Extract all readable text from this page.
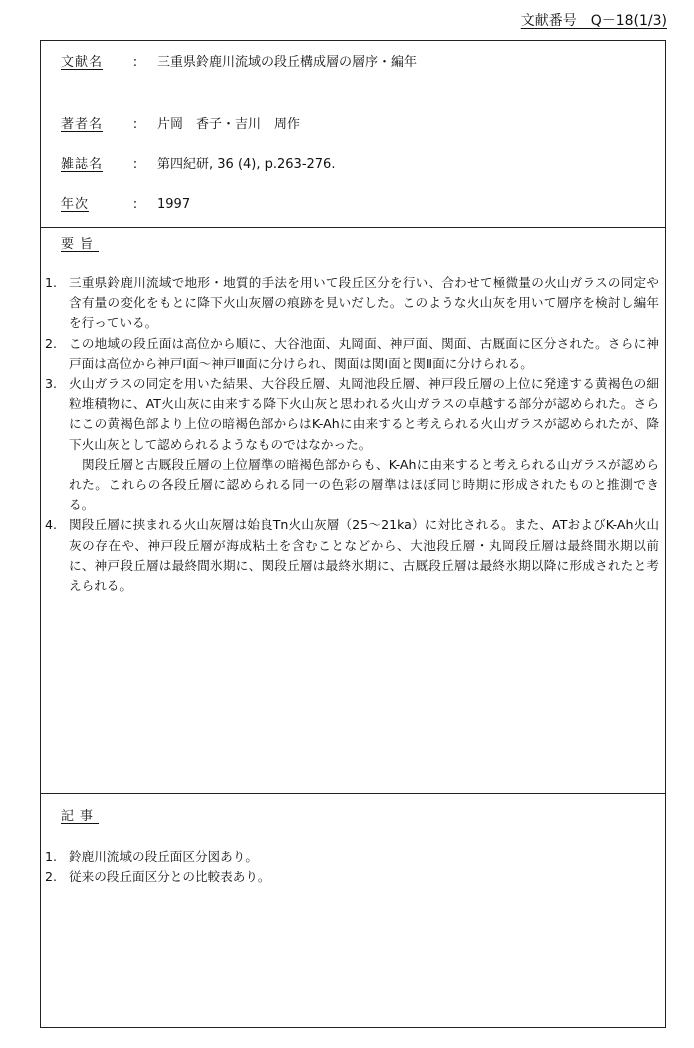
文献番号　Q－18(1/3)
文献名	:	三重県鈴鹿川流域の段丘構成層の層序・編年
著者名	:	片岡　香子・吉川　周作
雑誌名	:	第四紀研, 36 (4), p.263-276.
年次	:	1997
要旨
1. 三重県鈴鹿川流域で地形・地質的手法を用いて段丘区分を行い、合わせて極微量の火山ガラスの同定や含有量の変化をもとに降下火山灰層の痕跡を見いだした。このような火山灰を用いて層序を検討し編年を行っている。
2. この地域の段丘面は高位から順に、大谷池面、丸岡面、神戸面、関面、古厩面に区分された。さらに神戸面は高位から神戸Ⅰ面～神戸Ⅲ面に分けられ、関面は関Ⅰ面と関Ⅱ面に分けられる。
3. 火山ガラスの同定を用いた結果、大谷段丘層、丸岡池段丘層、神戸段丘層の上位に発達する黄褐色の細粒堆積物に、AT火山灰に由来する降下火山灰と思われる火山ガラスの卓越する部分が認められた。さらにこの黄褐色部より上位の暗褐色部からはK-Ahに由来すると考えられる火山ガラスが認められたが、降下火山灰として認められるようなものではなかった。
関段丘層と古厩段丘層の上位層準の暗褐色部からも、K-Ahに由来すると考えられる山ガラスが認められた。これらの各段丘層に認められる同一の色彩の層準はほぼ同じ時期に形成されたものと推測できる。
4. 関段丘層に挟まれる火山灰層は始良Tn火山灰層（25～21ka）に対比される。また、ATおよびK-Ah火山灰の存在や、神戸段丘層が海成粘土を含むことなどから、大池段丘層・丸岡段丘層は最終間氷期以前に、神戸段丘層は最終間氷期に、関段丘層は最終氷期に、古厩段丘層は最終氷期以降に形成されたと考えられる。
記事
1. 鈴鹿川流域の段丘面区分図あり。
2. 従来の段丘面区分との比較表あり。
